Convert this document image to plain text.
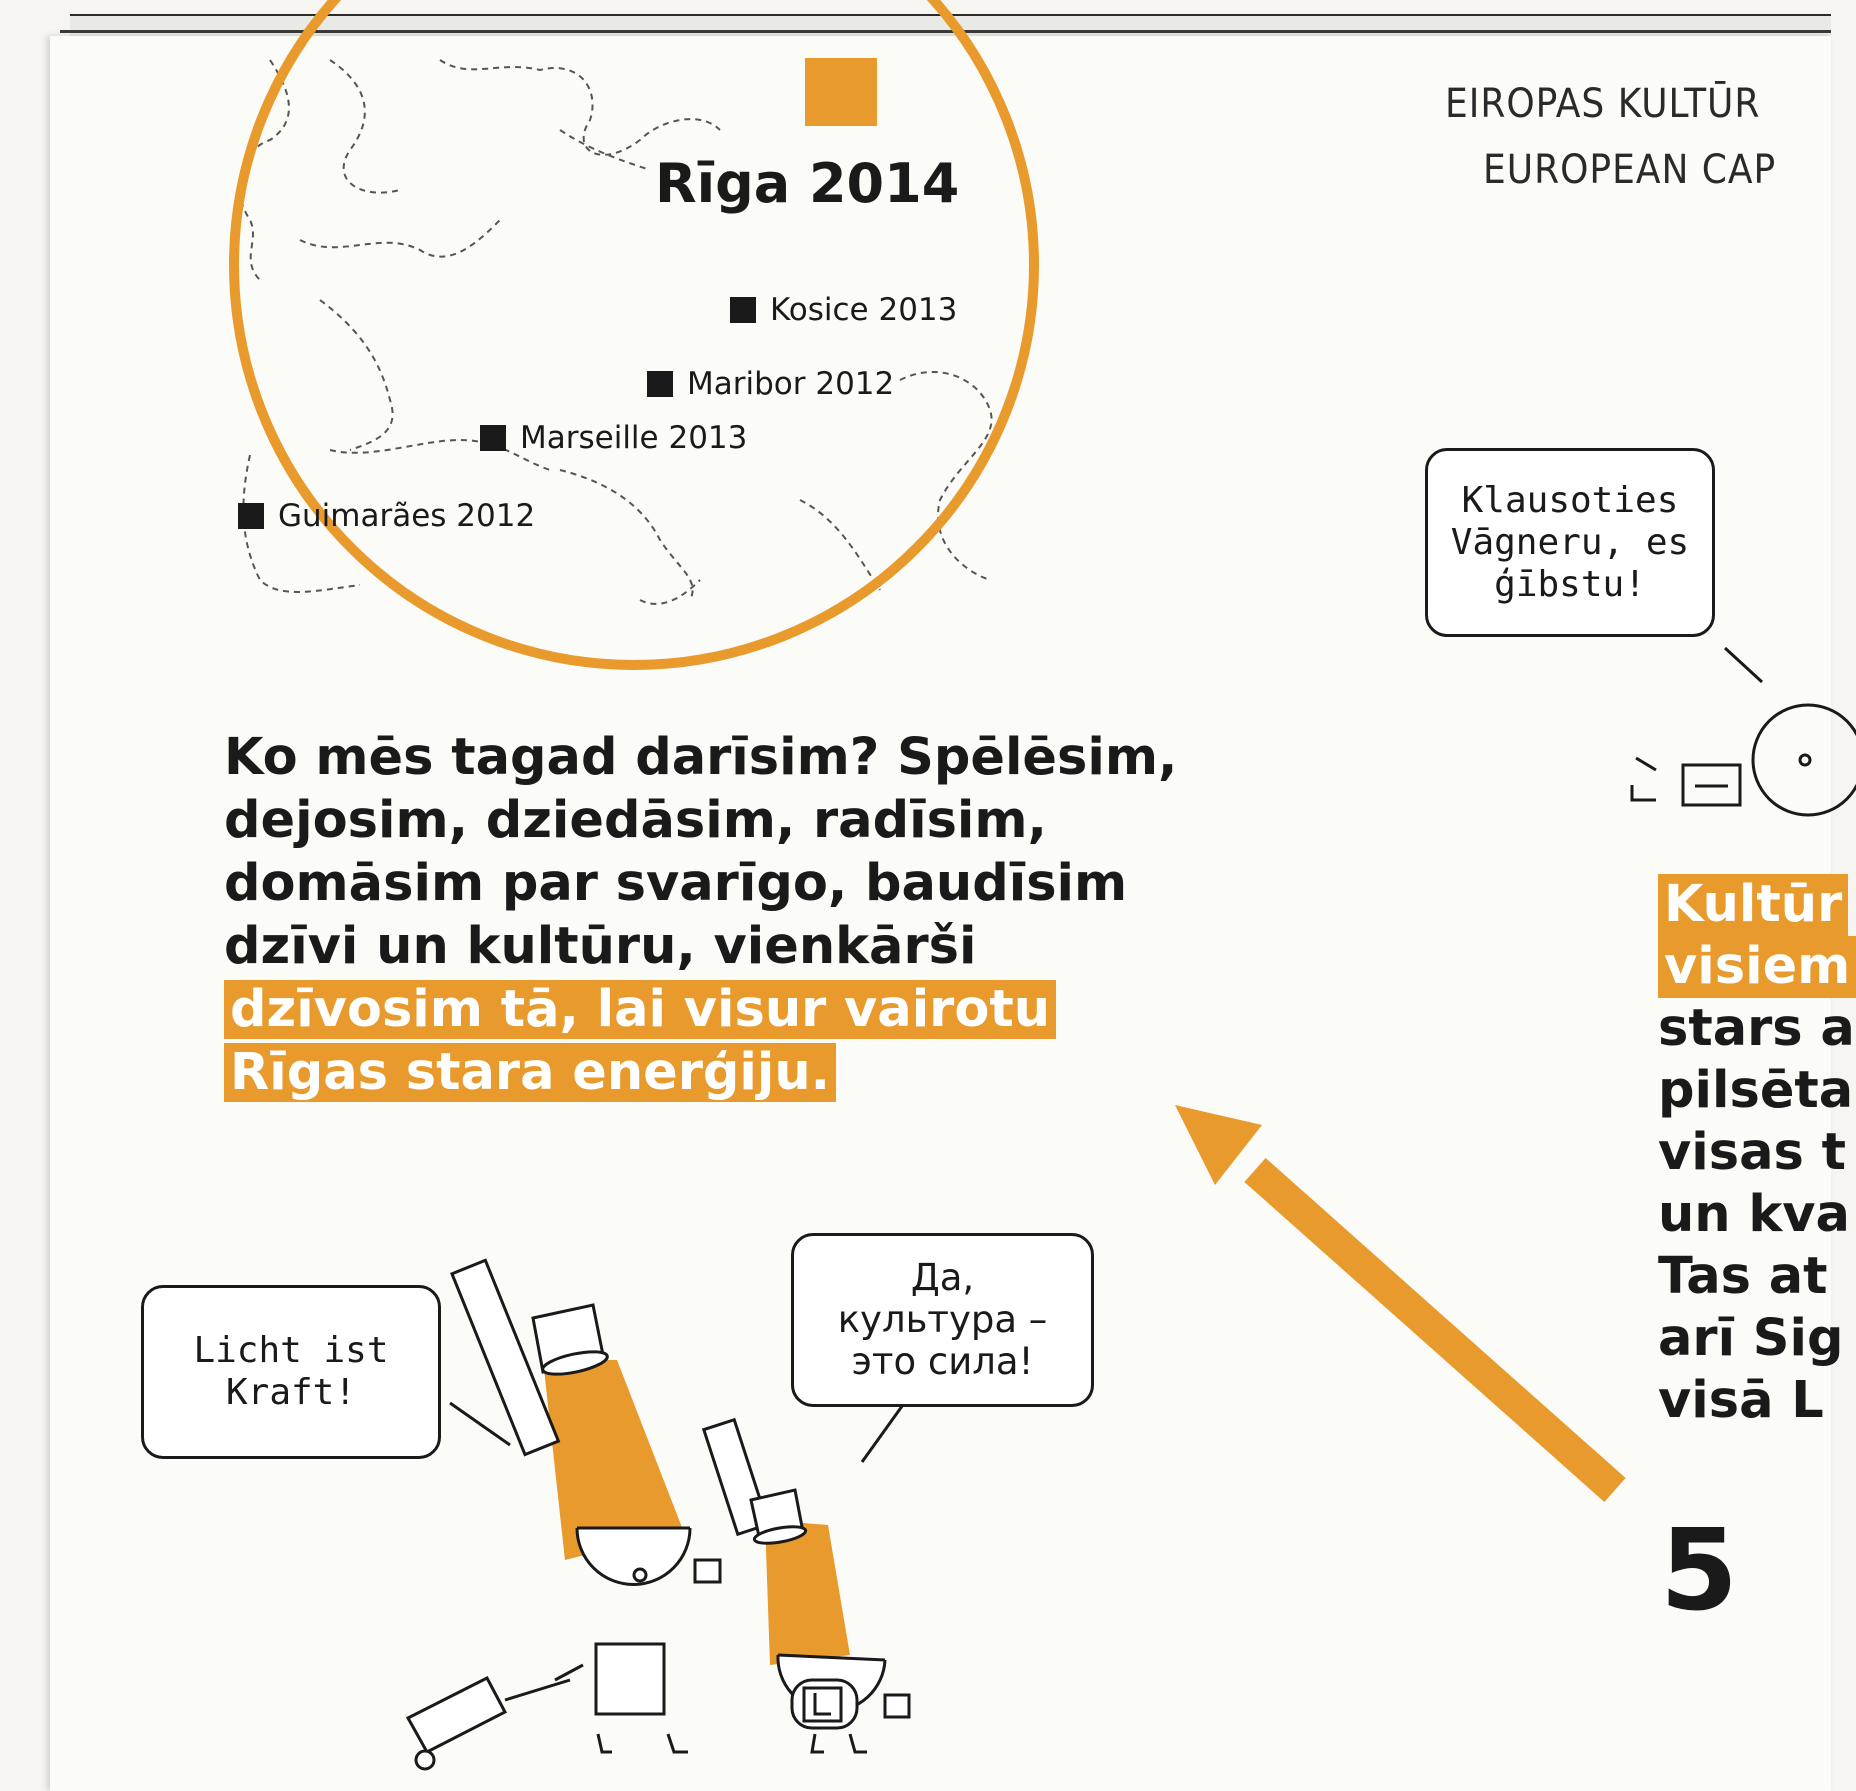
Rīga 2014
Kosice 2013
Maribor 2012
Marseille 2013
Guimarães 2012
EIROPAS KULTŪR
EUROPEAN CAP
Ko mēs tagad darīsim? Spēlēsim,
dejosim, dziedāsim, radīsim,
domāsim par svarīgo, baudīsim
dzīvi un kultūru, vienkārši
dzīvosim tā, lai visur vairotu
Rīgas stara enerģiju.
Klausoties
Vāgneru, es
ģībstu!
Licht ist
Kraft!
Да,
культура –
это сила!
Kultūr
visiem
stars a
pilsēta
visas t
un kva
Tas at
arī Sig
visā L
5
